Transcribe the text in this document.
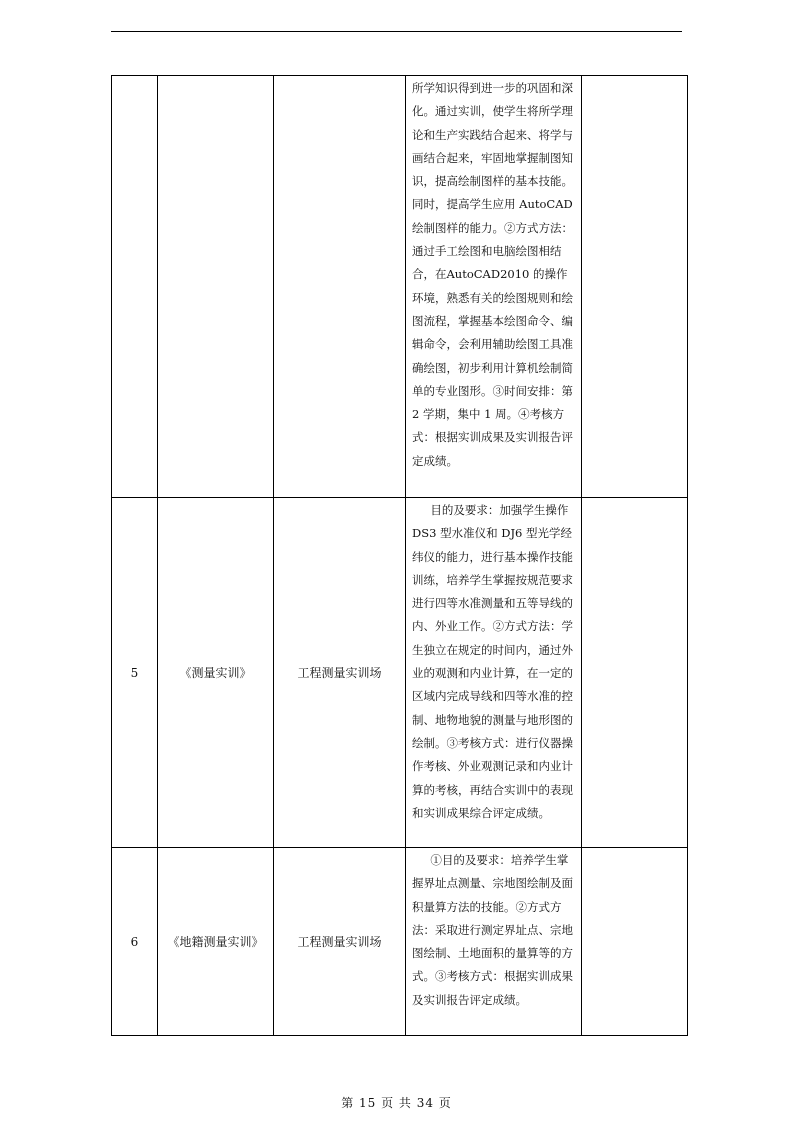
			所学知识得到进一步的巩固和深化。通过实训，使学生将所学理论和生产实践结合起来、将学与画结合起来，牢固地掌握制图知识，提高绘制图样的基本技能。同时，提高学生应用 AutoCAD 绘制图样的能力。②方式方法：通过手工绘图和电脑绘图相结合，在AutoCAD2010 的操作环境，熟悉有关的绘图规则和绘图流程，掌握基本绘图命令、编辑命令，会利用辅助绘图工具准确绘图，初步利用计算机绘制简单的专业图形。③时间安排：第 2 学期，集中 1 周。④考核方式：根据实训成果及实训报告评定成绩。	

5	《测量实训》	工程测量实训场	目的及要求：加强学生操作 DS3 型水准仪和 DJ6 型光学经纬仪的能力，进行基本操作技能训练，培养学生掌握按规范要求进行四等水准测量和五等导线的内、外业工作。②方式方法：学生独立在规定的时间内，通过外业的观测和内业计算，在一定的区域内完成导线和四等水准的控制、地物地貌的测量与地形图的绘制。③考核方式：进行仪器操作考核、外业观测记录和内业计算的考核，再结合实训中的表现和实训成果综合评定成绩。	

6	《地籍测量实训》	工程测量实训场	①目的及要求：培养学生掌握界址点测量、宗地图绘制及面积量算方法的技能。②方式方法：采取进行测定界址点、宗地图绘制、土地面积的量算等的方式。③考核方式：根据实训成果及实训报告评定成绩。	

第 15 页 共 34 页
